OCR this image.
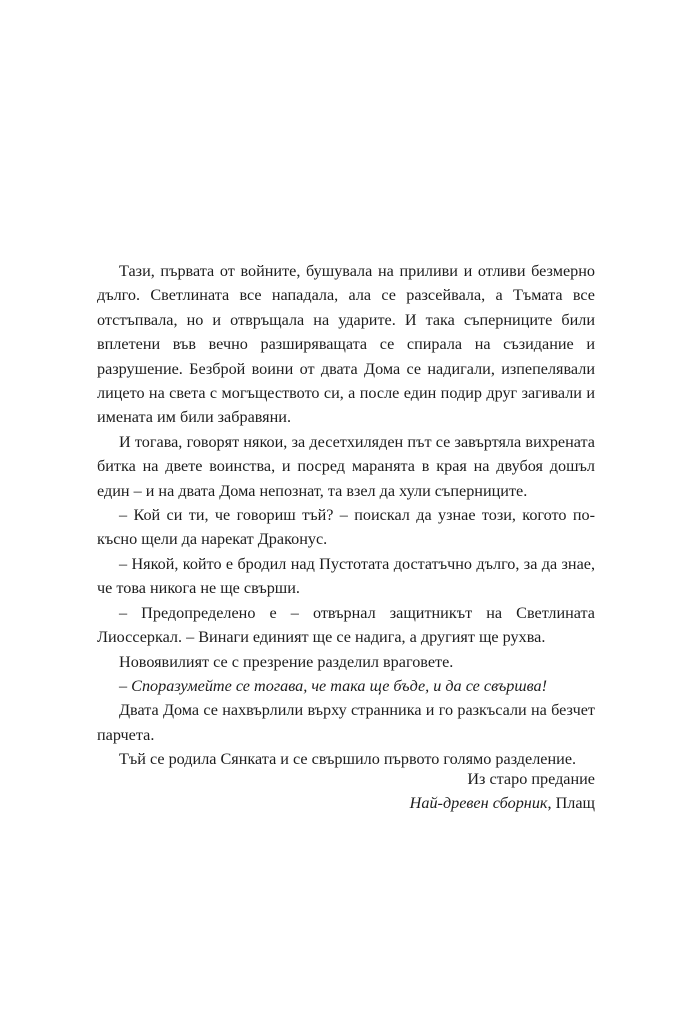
Тази, първата от войните, бушувала на приливи и отливи безмерно дълго. Светлината все нападала, ала се разсейвала, а Тъмата все отстъпвала, но и отвръщала на ударите. И така съперниците били вплетени във вечно разширяващата се спирала на съзидание и разрушение. Безброй воини от двата Дома се надигали, изпепелявали лицето на света с могъществото си, а после един подир друг загивали и имената им били забравяни.

И тогава, говорят някои, за десетхиляден път се завъртяла вихрената битка на двете воинства, и посред маранята в края на двубоя дошъл един – и на двата Дома непознат, та взел да хули съперниците.

– Кой си ти, че говориш тъй? – поискал да узнае този, когото по-късно щели да нарекат Драконус.

– Някой, който е бродил над Пустотата достатъчно дълго, за да знае, че това никога не ще свърши.

– Предопределено е – отвърнал защитникът на Светлината Лиоссеркал. – Винаги единият ще се надига, а другият ще рухва.

Новоявилият се с презрение разделил враговете.

– Споразумейте се тогава, че така ще бъде, и да се свършва!

Двата Дома се нахвърлили върху странника и го разкъсали на безчет парчета.

Тъй се родила Сянката и се свършило първото голямо разделение.

Из старо предание
Най-древен сборник, Плащ
